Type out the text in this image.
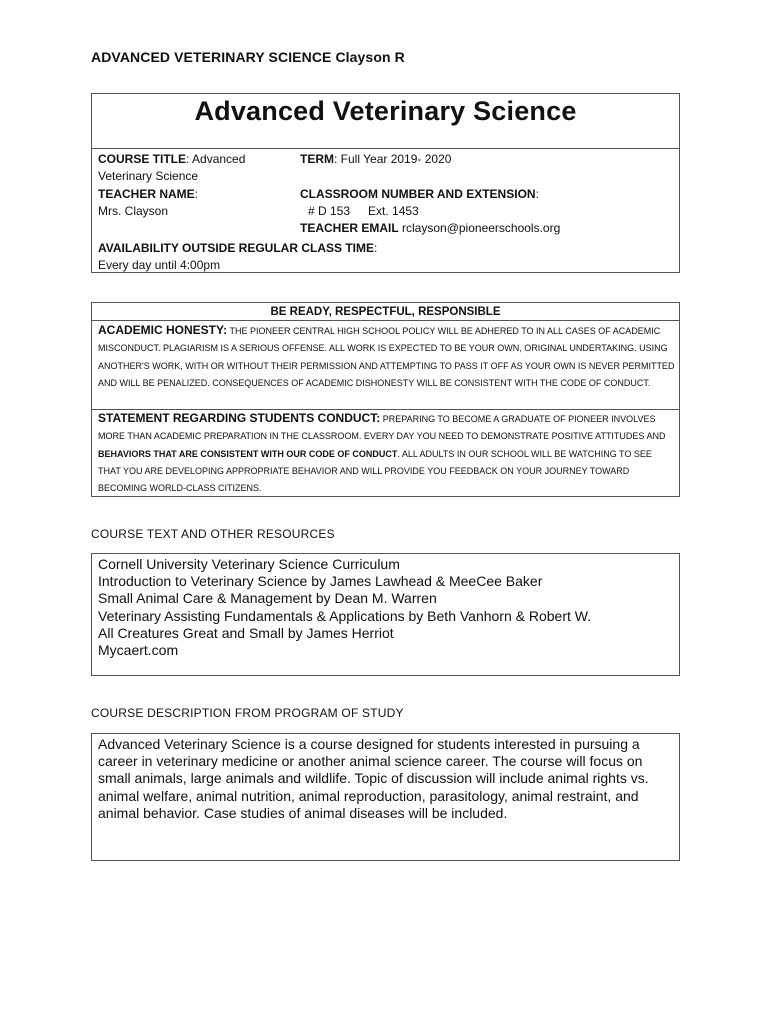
ADVANCED VETERINARY SCIENCE Clayson R
Advanced Veterinary Science
COURSE TITLE: Advanced Veterinary Science
TEACHER NAME:
Mrs. Clayson
TERM: Full Year 2019- 2020
CLASSROOM NUMBER AND EXTENSION:
# D 153 Ext. 1453
TEACHER EMAIL rclayson@pioneerschools.org
AVAILABILITY OUTSIDE REGULAR CLASS TIME:
Every day until 4:00pm
BE READY, RESPECTFUL, RESPONSIBLE
ACADEMIC HONESTY: THE PIONEER CENTRAL HIGH SCHOOL POLICY WILL BE ADHERED TO IN ALL CASES OF ACADEMIC MISCONDUCT. PLAGIARISM IS A SERIOUS OFFENSE. ALL WORK IS EXPECTED TO BE YOUR OWN, ORIGINAL UNDERTAKING. USING ANOTHER'S WORK, WITH OR WITHOUT THEIR PERMISSION AND ATTEMPTING TO PASS IT OFF AS YOUR OWN IS NEVER PERMITTED AND WILL BE PENALIZED. CONSEQUENCES OF ACADEMIC DISHONESTY WILL BE CONSISTENT WITH THE CODE OF CONDUCT.
STATEMENT REGARDING STUDENTS CONDUCT: PREPARING TO BECOME A GRADUATE OF PIONEER INVOLVES MORE THAN ACADEMIC PREPARATION IN THE CLASSROOM. EVERY DAY YOU NEED TO DEMONSTRATE POSITIVE ATTITUDES AND BEHAVIORS THAT ARE CONSISTENT WITH OUR CODE OF CONDUCT. ALL ADULTS IN OUR SCHOOL WILL BE WATCHING TO SEE THAT YOU ARE DEVELOPING APPROPRIATE BEHAVIOR AND WILL PROVIDE YOU FEEDBACK ON YOUR JOURNEY TOWARD BECOMING WORLD-CLASS CITIZENS.
COURSE TEXT AND OTHER RESOURCES
Cornell University Veterinary Science Curriculum
Introduction to Veterinary Science by James Lawhead & MeeCee Baker
Small Animal Care & Management by Dean M. Warren
Veterinary Assisting Fundamentals & Applications by Beth Vanhorn & Robert W.
All Creatures Great and Small by James Herriot
Mycaert.com
COURSE DESCRIPTION FROM PROGRAM OF STUDY
Advanced Veterinary Science is a course designed for students interested in pursuing a career in veterinary medicine or another animal science career. The course will focus on small animals, large animals and wildlife. Topic of discussion will include animal rights vs. animal welfare, animal nutrition, animal reproduction, parasitology, animal restraint, and animal behavior. Case studies of animal diseases will be included.
